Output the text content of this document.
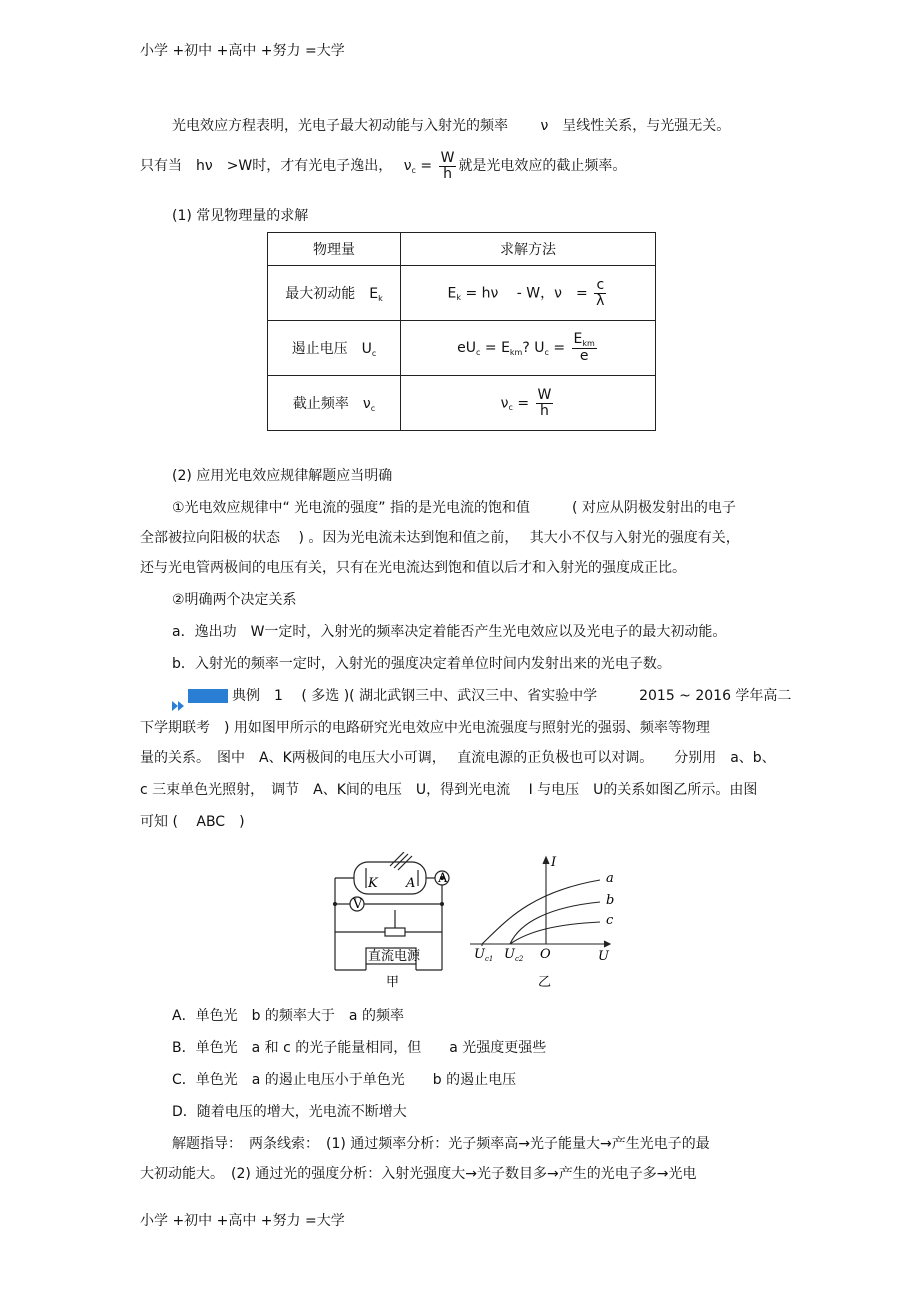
小学 +初中 +高中 +努力 =大学
光电效应方程表明，光电子最大初动能与入射光的频率　　 ν　呈线性关系，与光强无关。
只有当　hν　>W时，才有光电子逸出，　 $\nu_c = \frac{W}{h}$ 就是光电效应的截止频率。
(1) 常见物理量的求解
物理量	求解方法
最大初动能　$E_k$	$E_k = h\nu$　 - W，ν　= $\frac{c}{\lambda}$

遏止电压　$U_c$	$eU_c = E_{km}$? $U_c = \frac{E_{km}}{e}$

截止频率　$\nu_c$	$\nu_c = \frac{W}{h}$
(2) 应用光电效应规律解题应当明确
①光电效应规律中“ 光电流的强度” 指的是光电流的饱和值　　　( 对应从阴极发射出的电子
全部被拉向阳极的状态　 ) 。因为光电流未达到饱和值之前，　 其大小不仅与入射光的强度有关，
还与光电管两极间的电压有关，只有在光电流达到饱和值以后才和入射光的强度成正比。
②明确两个决定关系
a．逸出功　W一定时，入射光的频率决定着能否产生光电效应以及光电子的最大初动能。
b．入射光的频率一定时，入射光的强度决定着单位时间内发射出来的光电子数。
典例　1　 ( 多选 )( 湖北武钢三中、武汉三中、省实验中学　　　2015 ~ 2016 学年高二
下学期联考　) 用如图甲所示的电路研究光电效应中光电流强度与照射光的强弱、频率等物理
量的关系。　图中　A、K两极间的电压大小可调，　 直流电源的正负极也可以对调。　　分别用　a、b、
c 三束单色光照射，　调节　A、K间的电压　U，得到光电流　 I 与电压　U的关系如图乙所示。由图
可知 (　 ABC　)
K A A
V
直流电源
甲
I
U
O
$U_{c1}$ $U_{c2}$
a
b
c
乙
A．单色光　b 的频率大于　a 的频率
B．单色光　a 和 c 的光子能量相同，但　　a 光强度更强些
C．单色光　a 的遏止电压小于单色光　　b 的遏止电压
D．随着电压的增大，光电流不断增大
解题指导：　两条线索：　(1) 通过频率分析：光子频率高→光子能量大→产生光电子的最
大初动能大。　(2) 通过光的强度分析：入射光强度大→光子数目多→产生的光电子多→光电
小学 +初中 +高中 +努力 =大学
